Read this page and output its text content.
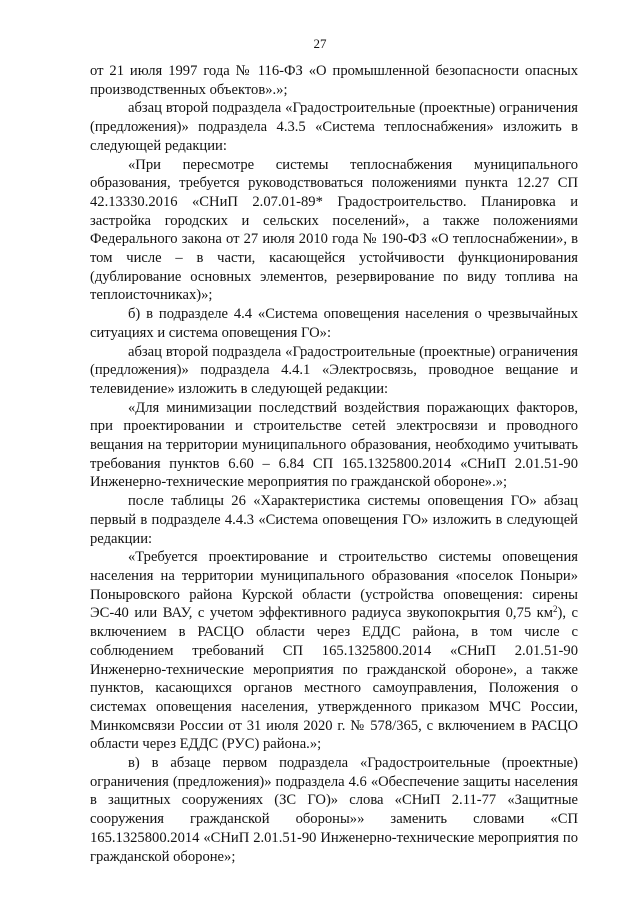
27

от 21 июля 1997 года № 116-ФЗ «О промышленной безопасности опасных производственных объектов».»;

абзац второй подраздела «Градостроительные (проектные) ограничения (предложения)» подраздела 4.3.5 «Система теплоснабжения» изложить в следующей редакции:

«При пересмотре системы теплоснабжения муниципального образования, требуется руководствоваться положениями пункта 12.27 СП 42.13330.2016 «СНиП 2.07.01-89* Градостроительство. Планировка и застройка городских и сельских поселений», а также положениями Федерального закона от 27 июля 2010 года № 190-ФЗ «О теплоснабжении», в том числе – в части, касающейся устойчивости функционирования (дублирование основных элементов, резервирование по виду топлива на теплоисточниках)»;

б) в подразделе 4.4 «Система оповещения населения о чрезвычайных ситуациях и система оповещения ГО»:

абзац второй подраздела «Градостроительные (проектные) ограничения (предложения)» подраздела 4.4.1 «Электросвязь, проводное вещание и телевидение» изложить в следующей редакции:

«Для минимизации последствий воздействия поражающих факторов, при проектировании и строительстве сетей электросвязи и проводного вещания на территории муниципального образования, необходимо учитывать требования пунктов 6.60 – 6.84 СП 165.1325800.2014 «СНиП 2.01.51-90 Инженерно-технические мероприятия по гражданской обороне».»;

после таблицы 26 «Характеристика системы оповещения ГО» абзац первый в подразделе 4.4.3 «Система оповещения ГО» изложить в следующей редакции:

«Требуется проектирование и строительство системы оповещения населения на территории муниципального образования «поселок Поныри» Поныровского района Курской области (устройства оповещения: сирены ЭС-40 или ВАУ, с учетом эффективного радиуса звукопокрытия 0,75 $км^2$), с включением в РАСЦО области через ЕДДС района, в том числе с соблюдением требований СП 165.1325800.2014 «СНиП 2.01.51-90 Инженерно-технические мероприятия по гражданской обороне», а также пунктов, касающихся органов местного самоуправления, Положения о системах оповещения населения, утвержденного приказом МЧС России, Минкомсвязи России от 31 июля 2020 г. № 578/365, с включением в РАСЦО области через ЕДДС (РУС) района.»;

в) в абзаце первом подраздела «Градостроительные (проектные) ограничения (предложения)» подраздела 4.6 «Обеспечение защиты населения в защитных сооружениях (ЗС ГО)» слова «СНиП 2.11-77 «Защитные сооружения гражданской обороны»» заменить словами «СП 165.1325800.2014 «СНиП 2.01.51-90 Инженерно-технические мероприятия по гражданской обороне»;
